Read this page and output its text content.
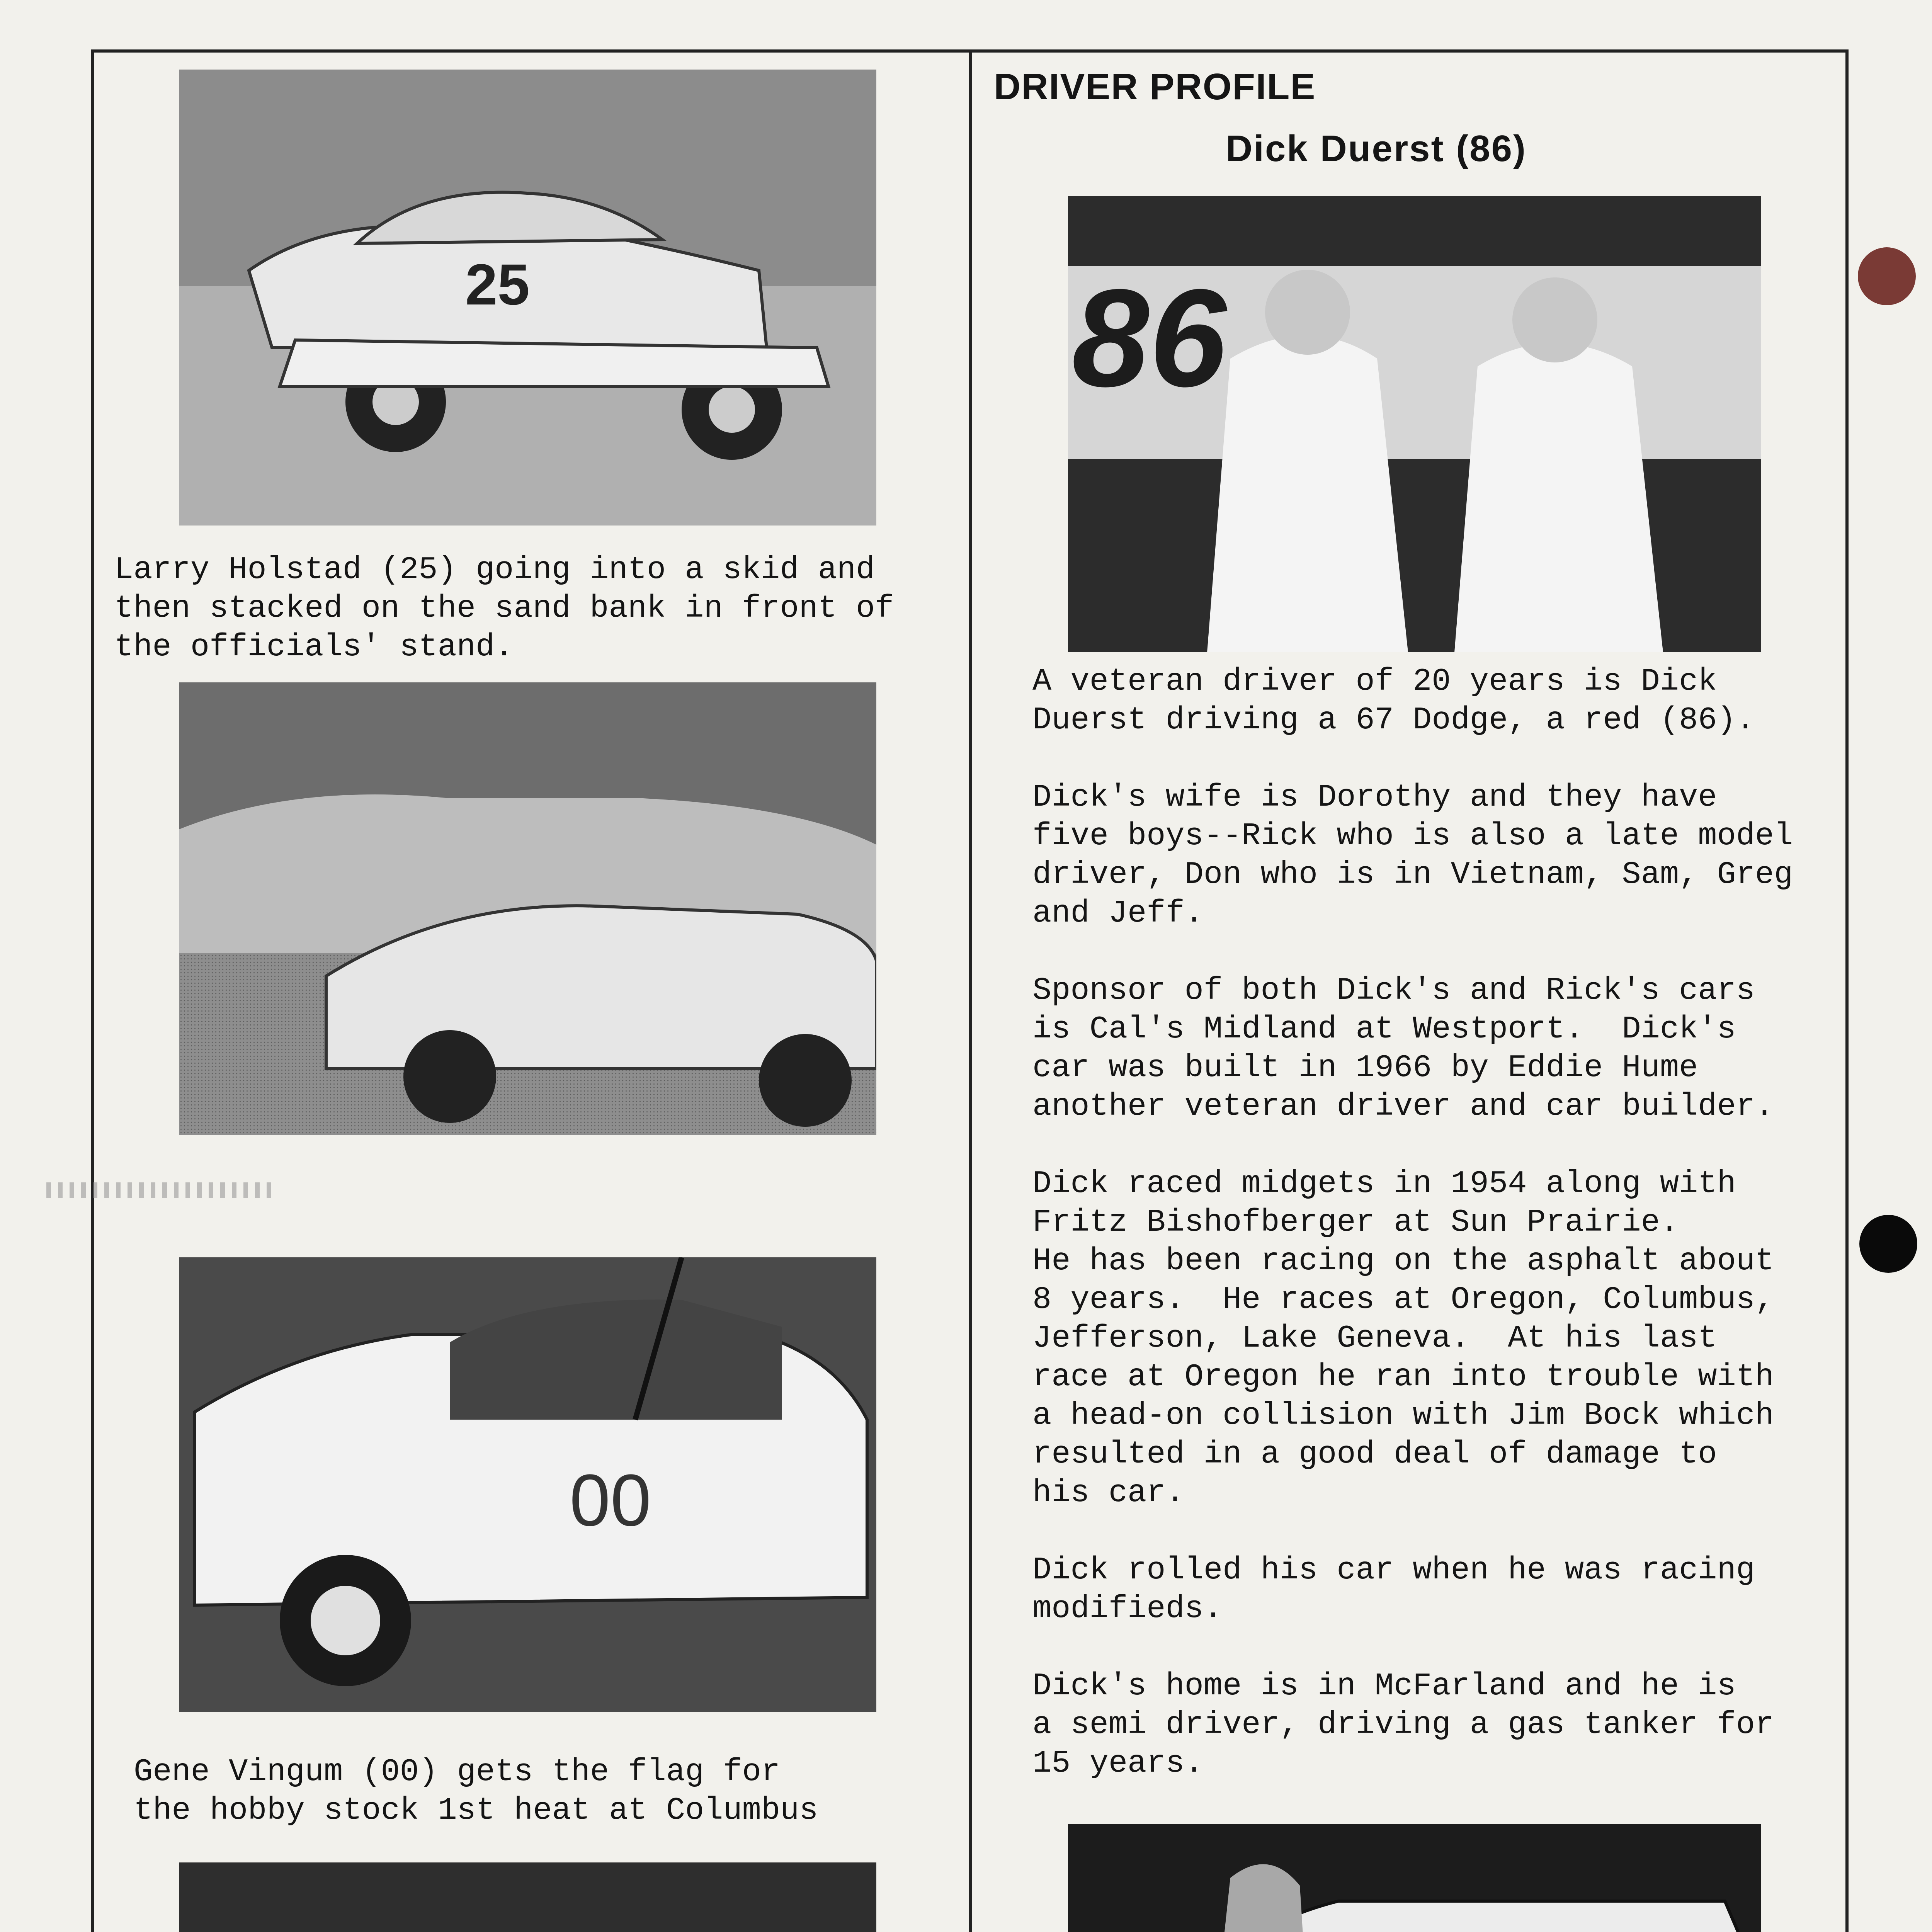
25
Larry Holstad (25) going into a skid and
then stacked on the sand bank in front of
the officials' stand.
00
Gene Vingum (00) gets the flag for
the hobby stock 1st heat at Columbus
DRIVER PROFILE
Dick Duerst (86)
86
A veteran driver of 20 years is Dick
Duerst driving a 67 Dodge, a red (86).
Dick's wife is Dorothy and they have
five boys--Rick who is also a late model
driver, Don who is in Vietnam, Sam, Greg
and Jeff.
Sponsor of both Dick's and Rick's cars
is Cal's Midland at Westport.  Dick's
car was built in 1966 by Eddie Hume
another veteran driver and car builder.
Dick raced midgets in 1954 along with
Fritz Bishofberger at Sun Prairie.
He has been racing on the asphalt about
8 years.  He races at Oregon, Columbus,
Jefferson, Lake Geneva.  At his last
race at Oregon he ran into trouble with
a head-on collision with Jim Bock which
resulted in a good deal of damage to
his car.
Dick rolled his car when he was racing
modifieds.
Dick's home is in McFarland and he is
a semi driver, driving a gas tanker for
15 years.
